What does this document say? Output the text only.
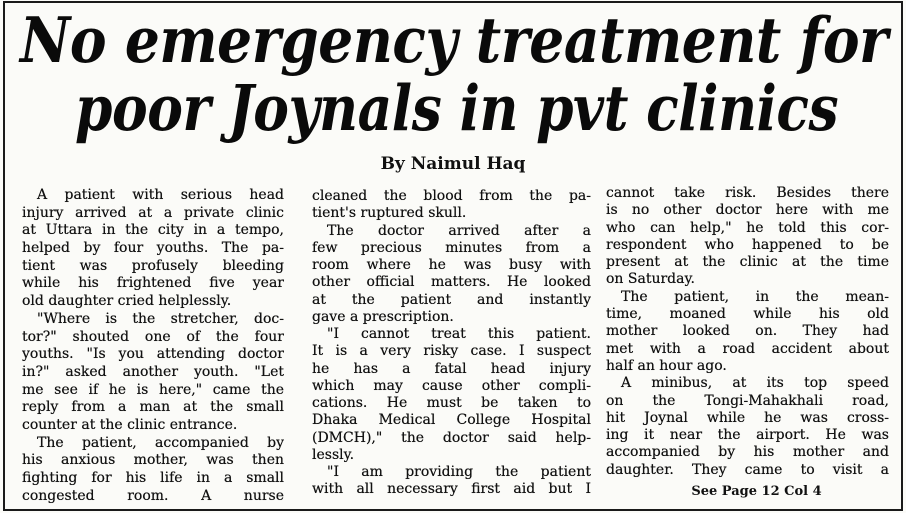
No emergency treatment for
poor Joynals in pvt clinics
By Naimul Haq
A patient with serious head
injury arrived at a private clinic
at Uttara in the city in a tempo,
helped by four youths. The pa-
tient was profusely bleeding
while his frightened five year
old daughter cried helplessly.
"Where is the stretcher, doc-
tor?" shouted one of the four
youths. "Is you attending doctor
in?" asked another youth. "Let
me see if he is here," came the
reply from a man at the small
counter at the clinic entrance.
The patient, accompanied by
his anxious mother, was then
fighting for his life in a small
congested room. A nurse
cleaned the blood from the pa-
tient's ruptured skull.
The doctor arrived after a
few precious minutes from a
room where he was busy with
other official matters. He looked
at the patient and instantly
gave a prescription.
"I cannot treat this patient.
It is a very risky case. I suspect
he has a fatal head injury
which may cause other compli-
cations. He must be taken to
Dhaka Medical College Hospital
(DMCH)," the doctor said help-
lessly.
"I am providing the patient
with all necessary first aid but I
cannot take risk. Besides there
is no other doctor here with me
who can help," he told this cor-
respondent who happened to be
present at the clinic at the time
on Saturday.
The patient, in the mean-
time, moaned while his old
mother looked on. They had
met with a road accident about
half an hour ago.
A minibus, at its top speed
on the Tongi-Mahakhali road,
hit Joynal while he was cross-
ing it near the airport. He was
accompanied by his mother and
daughter. They came to visit a
See Page 12 Col 4
